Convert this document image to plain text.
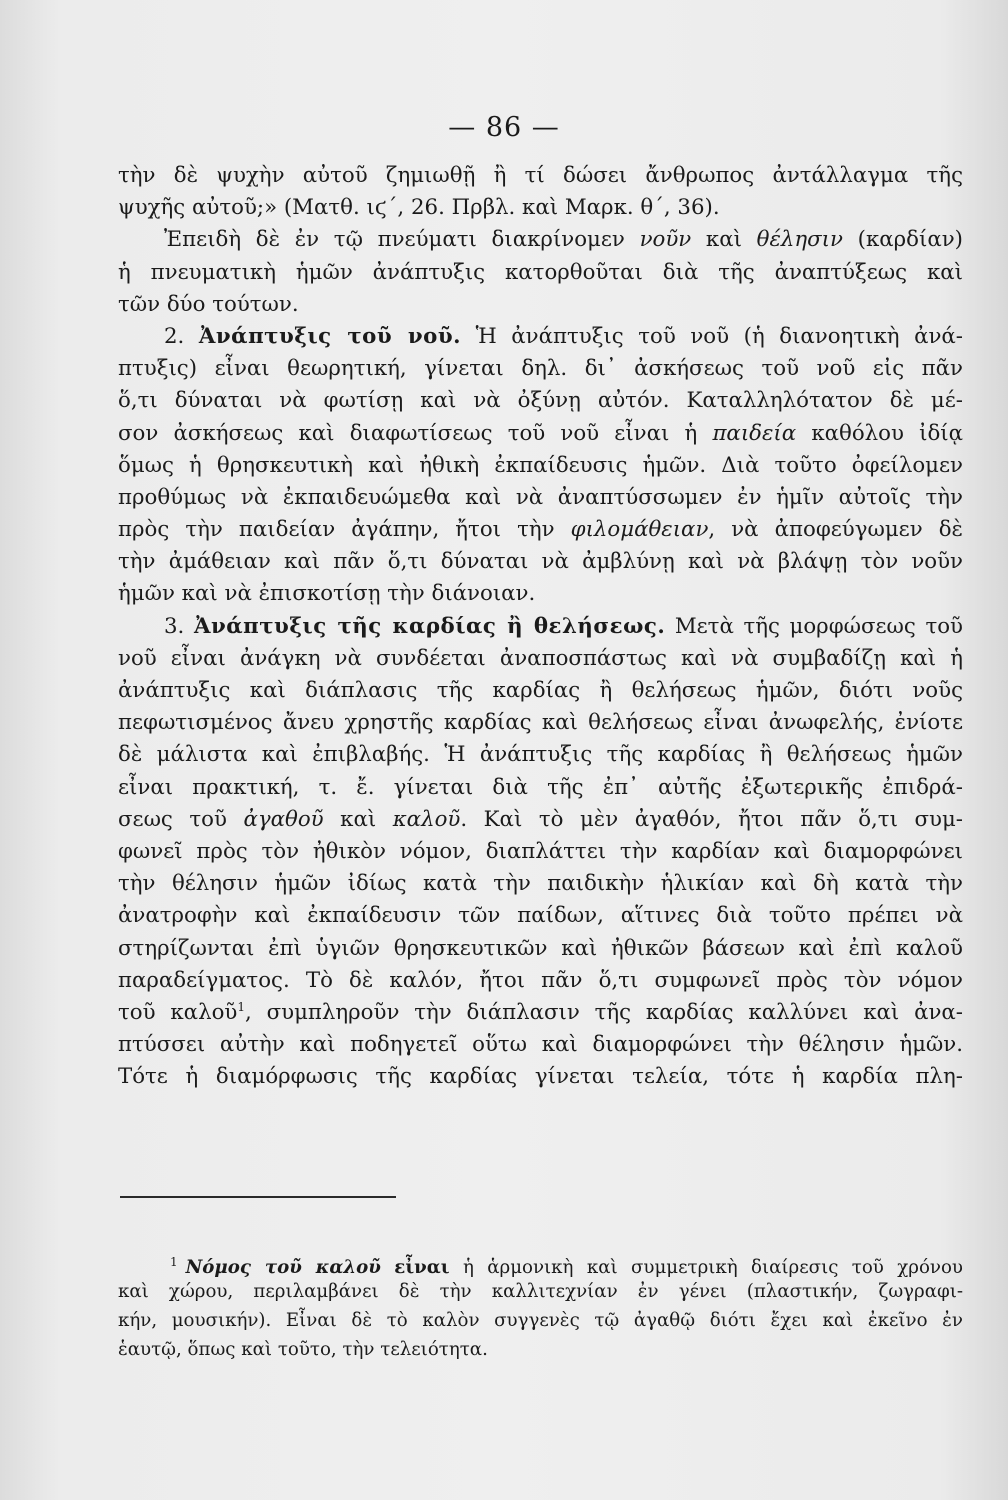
— 86 —
τὴν δὲ ψυχὴν αὐτοῦ ζημιωθῇ ἢ τί δώσει ἄνθρωπος ἀντάλλαγμα τῆς
ψυχῆς αὐτοῦ;» (Ματθ. ιϛ΄, 26. Πρβλ. καὶ Μαρκ. θ΄, 36).
Ἐπειδὴ δὲ ἐν τῷ πνεύματι διακρίνομεν νοῦν καὶ θέλησιν (καρδίαν)
ἡ πνευματικὴ ἡμῶν ἀνάπτυξις κατορθοῦται διὰ τῆς ἀναπτύξεως καὶ
τῶν δύο τούτων.
2. Ἀνάπτυξις τοῦ νοῦ. Ἡ ἀνάπτυξις τοῦ νοῦ (ἡ διανοητικὴ ἀνά-
πτυξις) εἶναι θεωρητική, γίνεται δηλ. δι᾽ ἀσκήσεως τοῦ νοῦ εἰς πᾶν
ὅ,τι δύναται νὰ φωτίσῃ καὶ νὰ ὀξύνῃ αὐτόν. Καταλληλότατον δὲ μέ-
σον ἀσκήσεως καὶ διαφωτίσεως τοῦ νοῦ εἶναι ἡ παιδεία καθόλου ἰδίᾳ
ὅμως ἡ θρησκευτικὴ καὶ ἠθικὴ ἐκπαίδευσις ἡμῶν. Διὰ τοῦτο ὀφείλομεν
προθύμως νὰ ἐκπαιδευώμεθα καὶ νὰ ἀναπτύσσωμεν ἐν ἡμῖν αὐτοῖς τὴν
πρὸς τὴν παιδείαν ἀγάπην, ἤτοι τὴν φιλομάθειαν, νὰ ἀποφεύγωμεν δὲ
τὴν ἀμάθειαν καὶ πᾶν ὅ,τι δύναται νὰ ἀμβλύνῃ καὶ νὰ βλάψῃ τὸν νοῦν
ἡμῶν καὶ νὰ ἐπισκοτίσῃ τὴν διάνοιαν.
3. Ἀνάπτυξις τῆς καρδίας ἢ θελήσεως. Μετὰ τῆς μορφώσεως τοῦ
νοῦ εἶναι ἀνάγκη νὰ συνδέεται ἀναποσπάστως καὶ νὰ συμβαδίζῃ καὶ ἡ
ἀνάπτυξις καὶ διάπλασις τῆς καρδίας ἢ θελήσεως ἡμῶν, διότι νοῦς
πεφωτισμένος ἄνευ χρηστῆς καρδίας καὶ θελήσεως εἶναι ἀνωφελής, ἐνίοτε
δὲ μάλιστα καὶ ἐπιβλαβής. Ἡ ἀνάπτυξις τῆς καρδίας ἢ θελήσεως ἡμῶν
εἶναι πρακτική, τ. ἔ. γίνεται διὰ τῆς ἐπ᾽ αὐτῆς ἐξωτερικῆς ἐπιδρά-
σεως τοῦ ἀγαθοῦ καὶ καλοῦ. Καὶ τὸ μὲν ἀγαθόν, ἤτοι πᾶν ὅ,τι συμ-
φωνεῖ πρὸς τὸν ἠθικὸν νόμον, διαπλάττει τὴν καρδίαν καὶ διαμορφώνει
τὴν θέλησιν ἡμῶν ἰδίως κατὰ τὴν παιδικὴν ἡλικίαν καὶ δὴ κατὰ τὴν
ἀνατροφὴν καὶ ἐκπαίδευσιν τῶν παίδων, αἵτινες διὰ τοῦτο πρέπει νὰ
στηρίζωνται ἐπὶ ὑγιῶν θρησκευτικῶν καὶ ἠθικῶν βάσεων καὶ ἐπὶ καλοῦ
παραδείγματος. Τὸ δὲ καλόν, ἤτοι πᾶν ὅ,τι συμφωνεῖ πρὸς τὸν νόμον
τοῦ καλοῦ$^1$, συμπληροῦν τὴν διάπλασιν τῆς καρδίας καλλύνει καὶ ἀνα-
πτύσσει αὐτὴν καὶ ποδηγετεῖ οὕτω καὶ διαμορφώνει τὴν θέλησιν ἡμῶν.
Τότε ἡ διαμόρφωσις τῆς καρδίας γίνεται τελεία, τότε ἡ καρδία πλη-
$^1$ Νόμος τοῦ καλοῦ εἶναι ἡ ἁρμονικὴ καὶ συμμετρικὴ διαίρεσις τοῦ χρόνου
καὶ χώρου, περιλαμβάνει δὲ τὴν καλλιτεχνίαν ἐν γένει (πλαστικήν, ζωγραφι-
κήν, μουσικήν). Εἶναι δὲ τὸ καλὸν συγγενὲς τῷ ἀγαθῷ διότι ἔχει καὶ ἐκεῖνο ἐν
ἑαυτῷ, ὅπως καὶ τοῦτο, τὴν τελειότητα.
